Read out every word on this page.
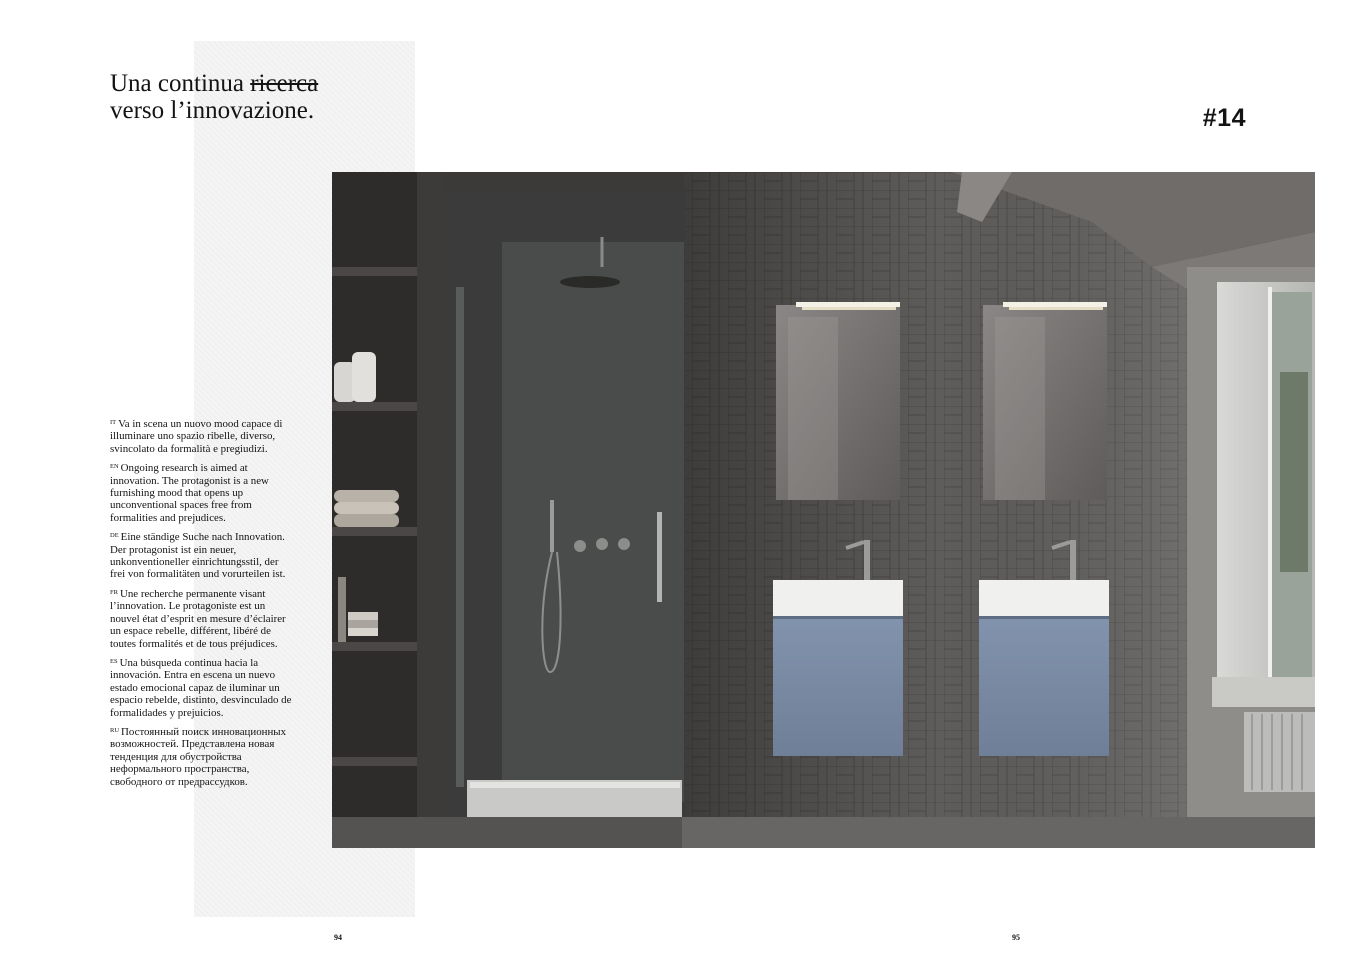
Una continua ricerca
verso l’innovazione.	#14

$^{IT}$ Va in scena un nuovo mood capace di illuminare uno spazio ribelle, diverso, svincolato da formalità e pregiudizi.

$^{EN}$ Ongoing research is aimed at innovation. The protagonist is a new furnishing mood that opens up unconventional spaces free from formalities and prejudices.

$^{DE}$ Eine ständige Suche nach Innovation. Der protagonist ist ein neuer, unkonventioneller einrichtungsstil, der frei von formalitäten und vorurteilen ist.

$^{FR}$ Une recherche permanente visant l’innovation. Le protagoniste est un nouvel état d’esprit en mesure d’éclairer un espace rebelle, différent, libéré de toutes formalités et de tous préjudices.

$^{ES}$ Una búsqueda continua hacia la innovación. Entra en escena un nuevo estado emocional capaz de iluminar un espacio rebelde, distinto, desvinculado de formalidades y prejuicios.

$^{RU}$ Постоянный поиск инновационных возможностей. Представлена новая тенденция для обустройства неформального пространства, свободного от предрассудков.

94	95
